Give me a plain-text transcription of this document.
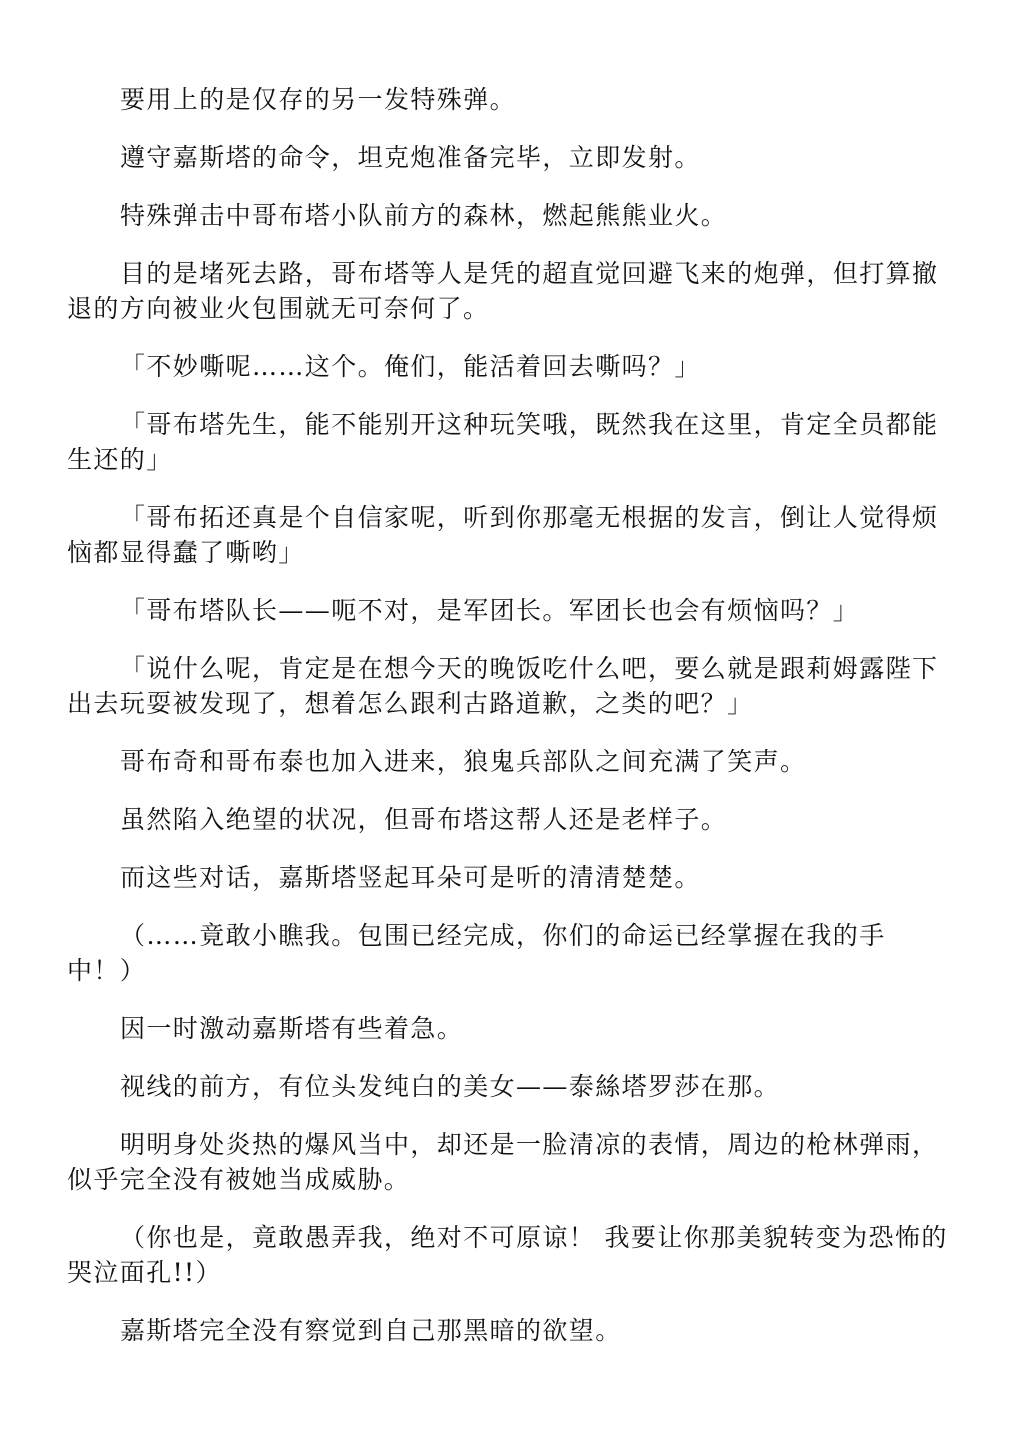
要用上的是仅存的另一发特殊弹。

遵守嘉斯塔的命令，坦克炮准备完毕，立即发射。

特殊弹击中哥布塔小队前方的森林，燃起熊熊业火。

目的是堵死去路，哥布塔等人是凭的超直觉回避飞来的炮弹，但打算撤
退的方向被业火包围就无可奈何了。

「不妙嘶呢……这个。俺们，能活着回去嘶吗？」

「哥布塔先生，能不能别开这种玩笑哦，既然我在这里，肯定全员都能
生还的」

「哥布拓还真是个自信家呢，听到你那毫无根据的发言，倒让人觉得烦
恼都显得蠢了嘶哟」

「哥布塔队长——呃不对，是军团长。军团长也会有烦恼吗？」

「说什么呢，肯定是在想今天的晚饭吃什么吧，要么就是跟莉姆露陛下
出去玩耍被发现了，想着怎么跟利古路道歉，之类的吧？」

哥布奇和哥布泰也加入进来，狼鬼兵部队之间充满了笑声。

虽然陷入绝望的状况，但哥布塔这帮人还是老样子。

而这些对话，嘉斯塔竖起耳朵可是听的清清楚楚。

（……竟敢小瞧我。包围已经完成，你们的命运已经掌握在我的手
中！）

因一时激动嘉斯塔有些着急。

视线的前方，有位头发纯白的美女——泰絲塔罗莎在那。

明明身处炎热的爆风当中，却还是一脸清凉的表情，周边的枪林弹雨，
似乎完全没有被她当成威胁。

（你也是，竟敢愚弄我，绝对不可原谅！ 我要让你那美貌转变为恐怖的
哭泣面孔!!）

嘉斯塔完全没有察觉到自己那黑暗的欲望。
